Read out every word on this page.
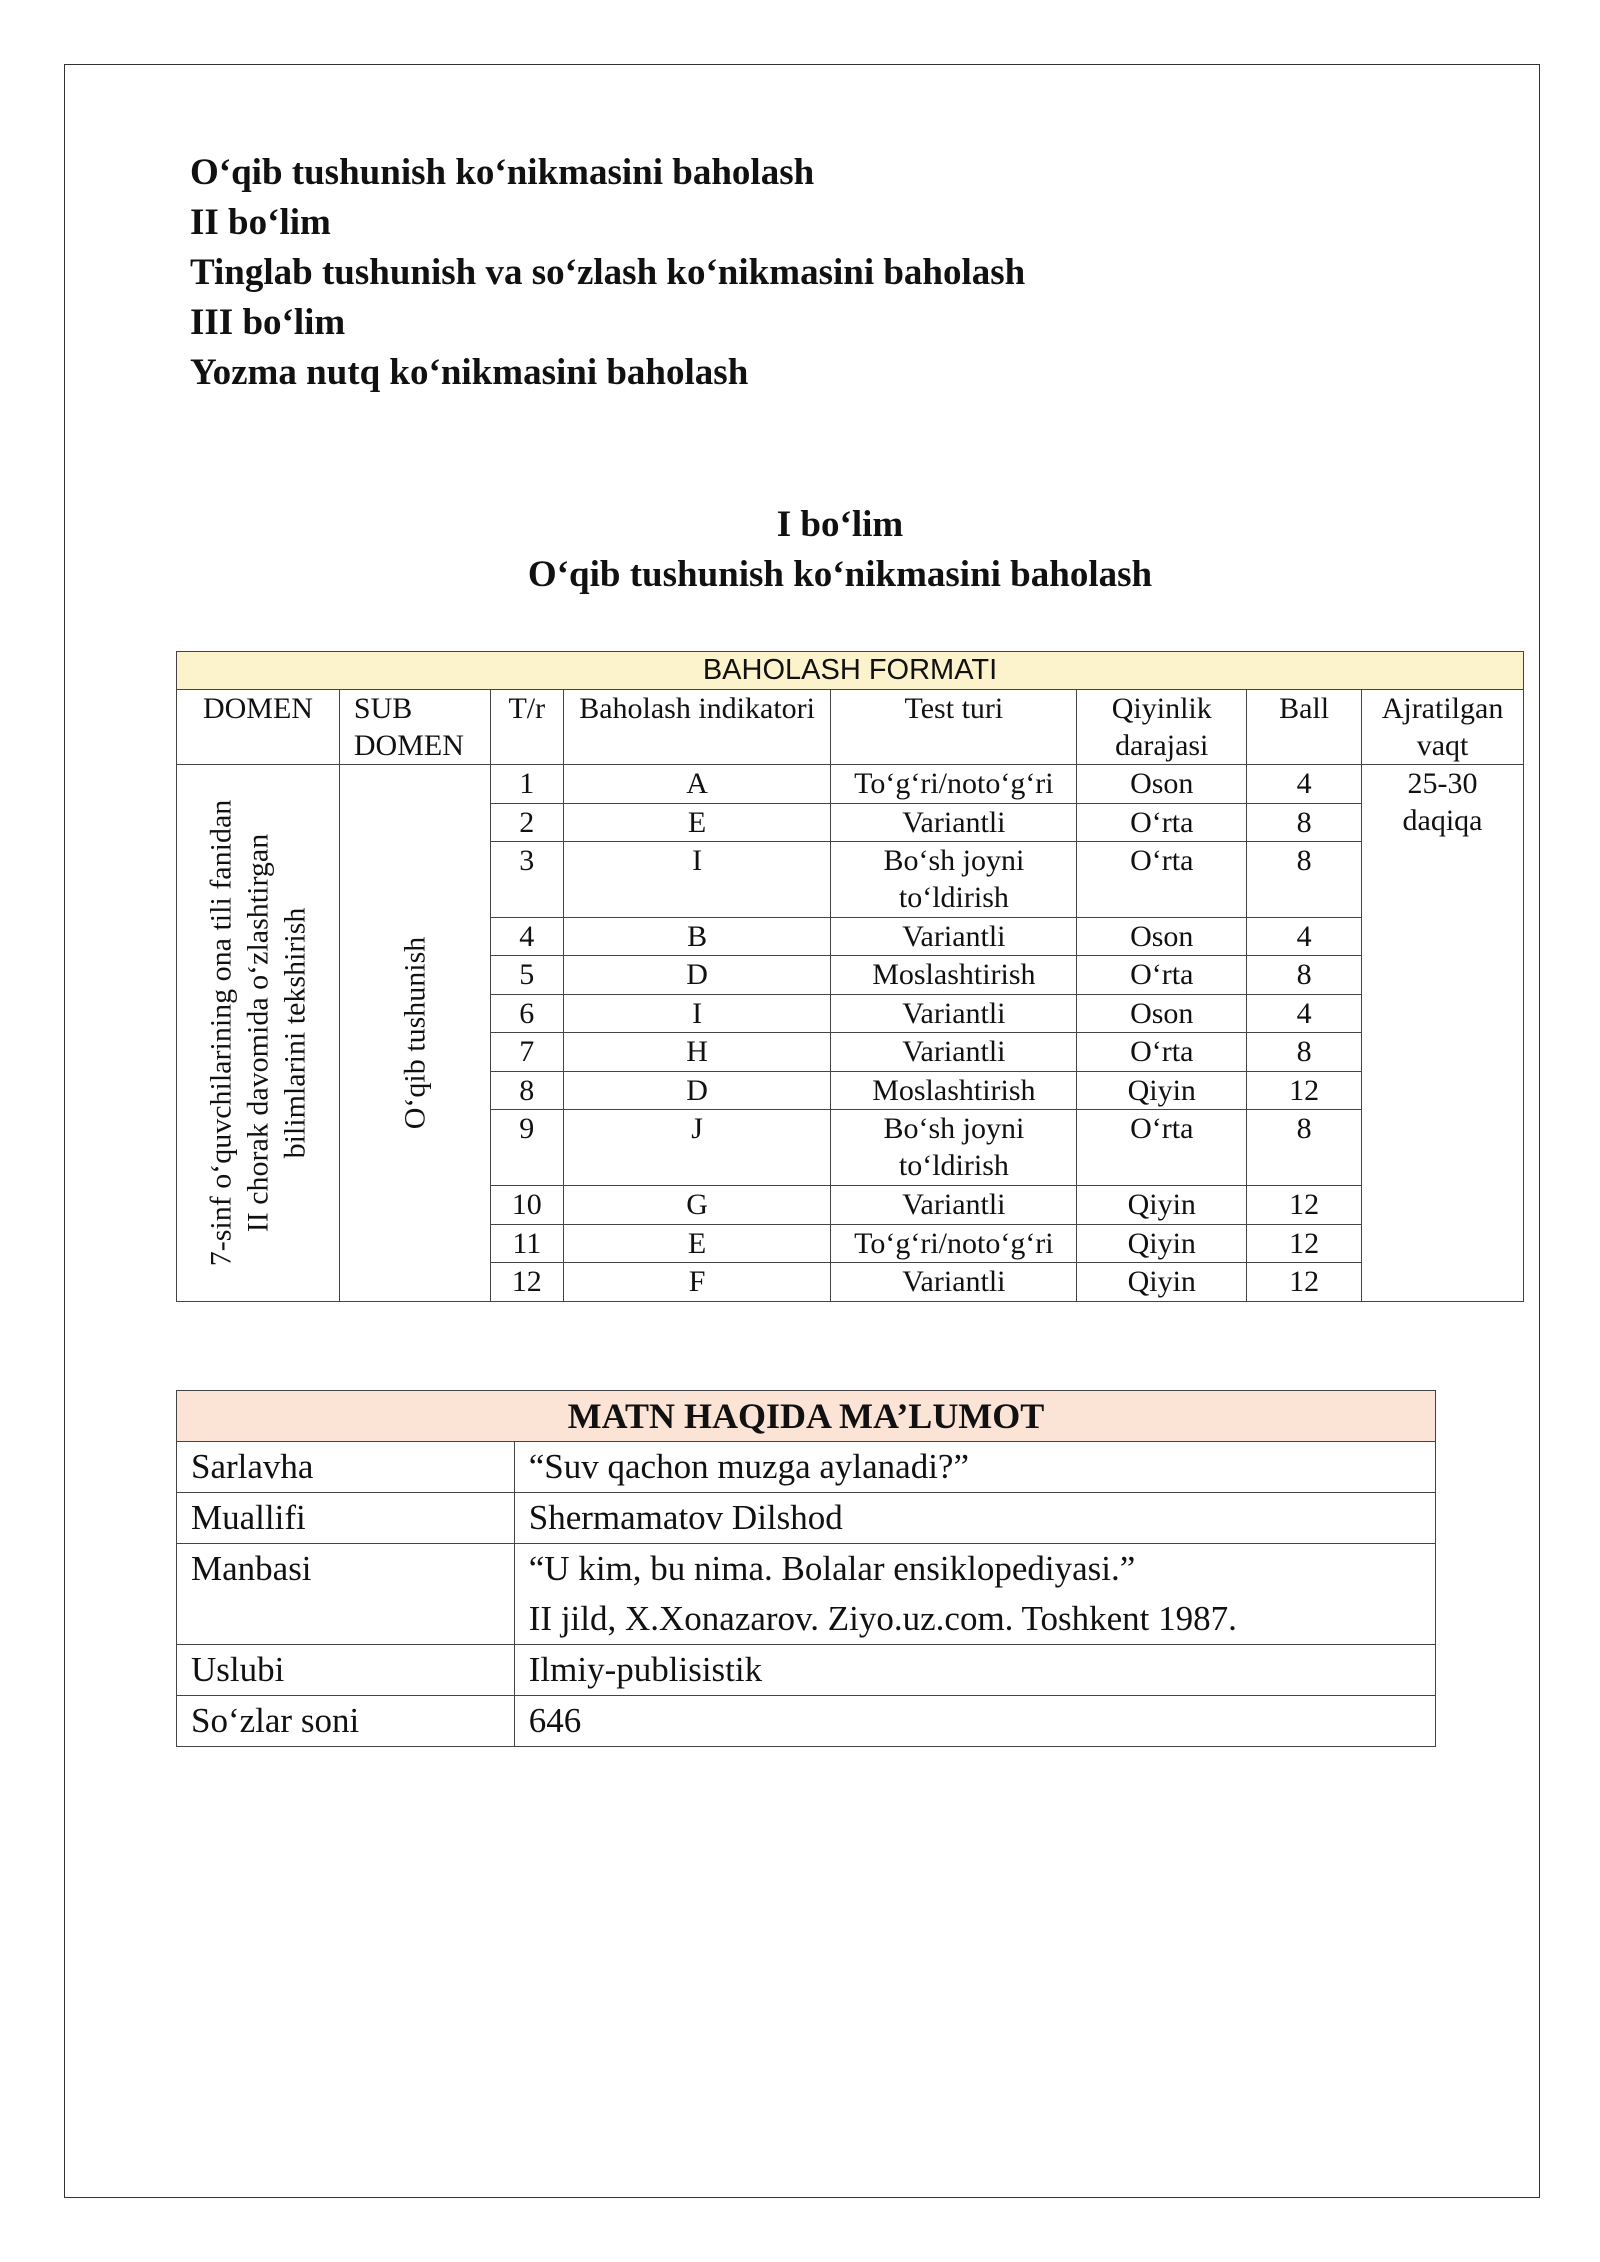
O‘qib tushunish ko‘nikmasini baholash
II bo‘lim
Tinglab tushunish va so‘zlash ko‘nikmasini baholash
III bo‘lim
Yozma nutq ko‘nikmasini baholash
I bo‘lim
O‘qib tushunish ko‘nikmasini baholash
BAHOLASH FORMATI							
DOMEN	SUB DOMEN	T/r	Baholash indikatori	Test turi	Qiyinlik darajasi	Ball	Ajratilgan vaqt

7-sinf o‘quvchilarining ona tili fanidan II chorak davomida o‘zlashtirgan bilimlarini tekshirish	O‘qib tushunish	1	A	To‘g‘ri/noto‘g‘ri	Oson	4	25-30 daqiqa
		2	E	Variantli	O‘rta	8	
		3	I	Bo‘sh joyni to‘ldirish	O‘rta	8	
		4	B	Variantli	Oson	4	
		5	D	Moslashtirish	O‘rta	8	
		6	I	Variantli	Oson	4	
		7	H	Variantli	O‘rta	8	
		8	D	Moslashtirish	Qiyin	12	
		9	J	Bo‘sh joyni to‘ldirish	O‘rta	8	
		10	G	Variantli	Qiyin	12	
		11	E	To‘g‘ri/noto‘g‘ri	Qiyin	12	
		12	F	Variantli	Qiyin	12	
MATN HAQIDA MA’LUMOT	
Sarlavha	“Suv qachon muzga aylanadi?”

Muallifi	Shermamatov Dilshod

Manbasi	“U kim, bu nima. Bolalar ensiklopediyasi.”
II jild, X.Xonazarov. Ziyo.uz.com. Toshkent 1987.

Uslubi	Ilmiy-publisistik

So‘zlar soni	646
